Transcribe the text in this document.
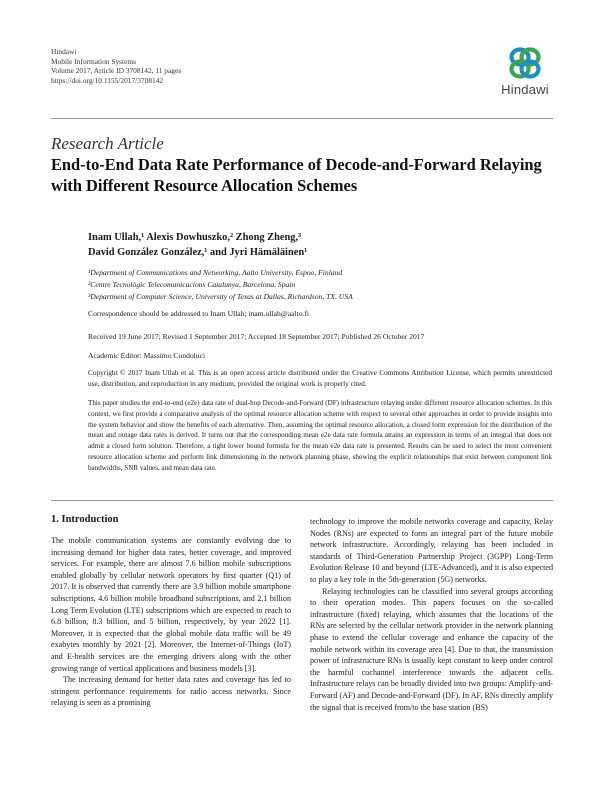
Hindawi
Mobile Information Systems
Volume 2017, Article ID 3708142, 11 pages
https://doi.org/10.1155/2017/3708142
Hindawi
Research Article
End-to-End Data Rate Performance of Decode-and-Forward Relaying with Different Resource Allocation Schemes
Inam Ullah,¹ Alexis Dowhuszko,² Zhong Zheng,³
David González González,¹ and Jyri Hämäläinen¹
¹Department of Communications and Networking, Aalto University, Espoo, Finland
²Centre Tecnològic Telecomunicacions Catalunya, Barcelona, Spain
³Department of Computer Science, University of Texas at Dallas, Richardson, TX, USA
Correspondence should be addressed to Inam Ullah; inam.ullah@aalto.fi
Received 19 June 2017; Revised 1 September 2017; Accepted 18 September 2017; Published 26 October 2017
Academic Editor: Massimo Condoluci
Copyright © 2017 Inam Ullah et al. This is an open access article distributed under the Creative Commons Attribution License, which permits unrestricted use, distribution, and reproduction in any medium, provided the original work is properly cited.
This paper studies the end-to-end (e2e) data rate of dual-hop Decode-and-Forward (DF) infrastructure relaying under different resource allocation schemes. In this context, we first provide a comparative analysis of the optimal resource allocation scheme with respect to several other approaches in order to provide insights into the system behavior and show the benefits of each alternative. Then, assuming the optimal resource allocation, a closed form expression for the distribution of the mean and outage data rates is derived. It turns out that the corresponding mean e2e data rate formula attains an expression in terms of an integral that does not admit a closed form solution. Therefore, a tight lower bound formula for the mean e2e data rate is presented. Results can be used to select the most convenient resource allocation scheme and perform link dimensioning in the network planning phase, showing the explicit relationships that exist between component link bandwidths, SNR values, and mean data rate.
1. Introduction

The mobile communication systems are constantly evolving due to increasing demand for higher data rates, better coverage, and improved services. For example, there are almost 7.6 billion mobile subscriptions enabled globally by cellular network operators by first quarter (Q1) of 2017. It is observed that currently there are 3.9 billion mobile smartphone subscriptions, 4.6 billion mobile broadband subscriptions, and 2.1 billion Long Term Evolution (LTE) subscriptions which are expected to reach to 6.8 billion, 8.3 billion, and 5 billion, respectively, by year 2022 [1]. Moreover, it is expected that the global mobile data traffic will be 49 exabytes monthly by 2021 [2]. Moreover, the Internet-of-Things (IoT) and E-health services are the emerging drivers along with the other growing range of vertical applications and business models [3].

The increasing demand for better data rates and coverage has led to stringent performance requirements for radio access networks. Since relaying is seen as a promising

technology to improve the mobile networks coverage and capacity, Relay Nodes (RNs) are expected to form an integral part of the future mobile network infrastructure. Accordingly, relaying has been included in standards of Third-Generation Partnership Project (3GPP) Long-Term Evolution Release 10 and beyond (LTE-Advanced), and it is also expected to play a key role in the 5th-generation (5G) networks.

Relaying technologies can be classified into several groups according to their operation modes. This papers focuses on the so-called infrastructure (fixed) relaying, which assumes that the locations of the RNs are selected by the cellular network provider in the network planning phase to extend the cellular coverage and enhance the capacity of the mobile network within its coverage area [4]. Due to that, the transmission power of infrastructure RNs is usually kept constant to keep under control the harmful cochannel interference towards the adjacent cells. Infrastructure relays can be broadly divided into two groups: Amplify-and-Forward (AF) and Decode-and-Forward (DF). In AF, RNs directly amplify the signal that is received from/to the base station (BS)
